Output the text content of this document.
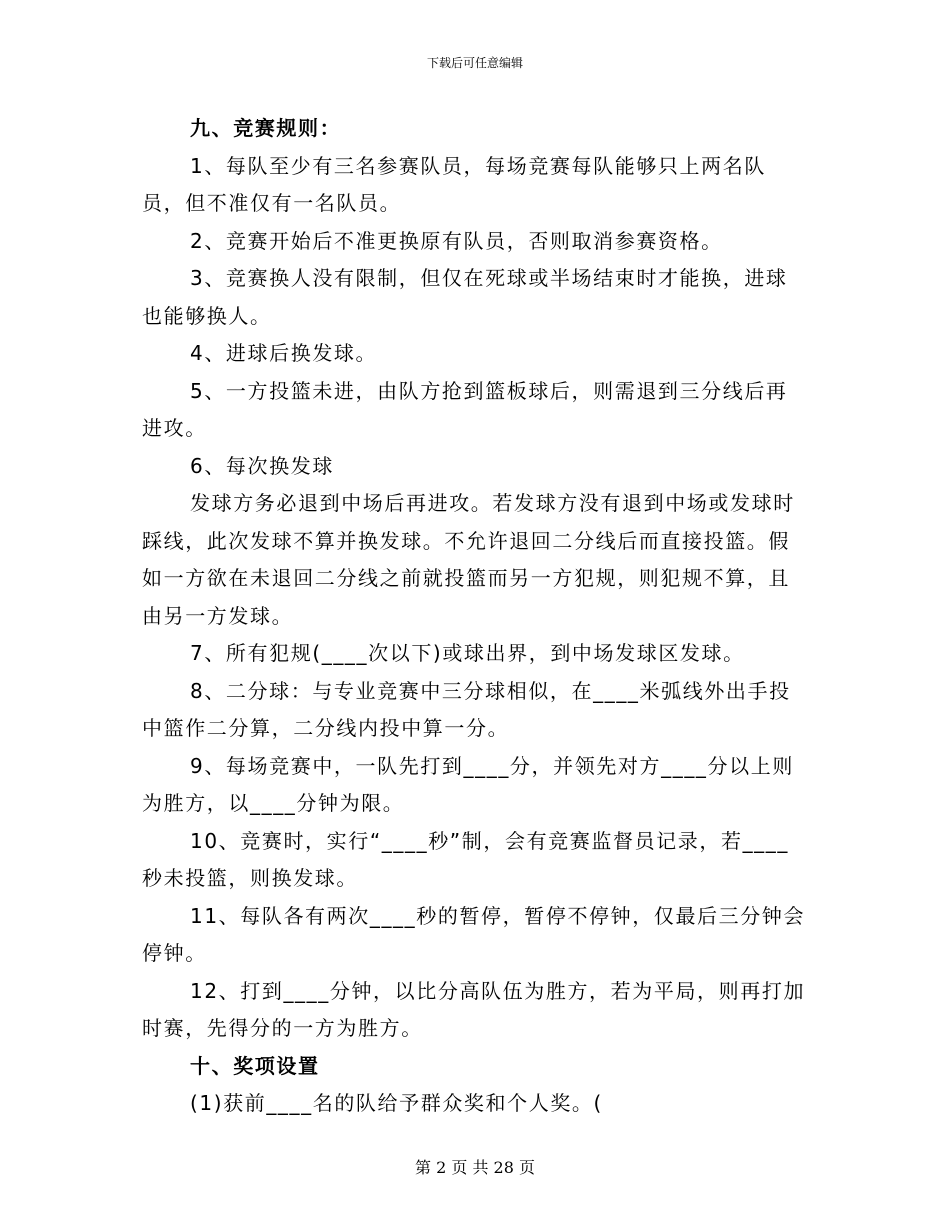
下载后可任意编辑

九、竞赛规则：

1、每队至少有三名参赛队员，每场竞赛每队能够只上两名队员，但不准仅有一名队员。

2、竞赛开始后不准更换原有队员，否则取消参赛资格。

3、竞赛换人没有限制，但仅在死球或半场结束时才能换，进球也能够换人。

4、进球后换发球。

5、一方投篮未进，由队方抢到篮板球后，则需退到三分线后再进攻。

6、每次换发球

发球方务必退到中场后再进攻。若发球方没有退到中场或发球时踩线，此次发球不算并换发球。不允许退回二分线后而直接投篮。假如一方欲在未退回二分线之前就投篮而另一方犯规，则犯规不算，且由另一方发球。

7、所有犯规(____次以下)或球出界，到中场发球区发球。

8、二分球：与专业竞赛中三分球相似，在____米弧线外出手投中篮作二分算，二分线内投中算一分。

9、每场竞赛中，一队先打到____分，并领先对方____分以上则为胜方，以____分钟为限。

10、竞赛时，实行“____秒”制，会有竞赛监督员记录，若____秒未投篮，则换发球。

11、每队各有两次____秒的暂停，暂停不停钟，仅最后三分钟会停钟。

12、打到____分钟，以比分高队伍为胜方，若为平局，则再打加时赛，先得分的一方为胜方。

十、奖项设置

(1)获前____名的队给予群众奖和个人奖。(

第 2 页 共 28 页
